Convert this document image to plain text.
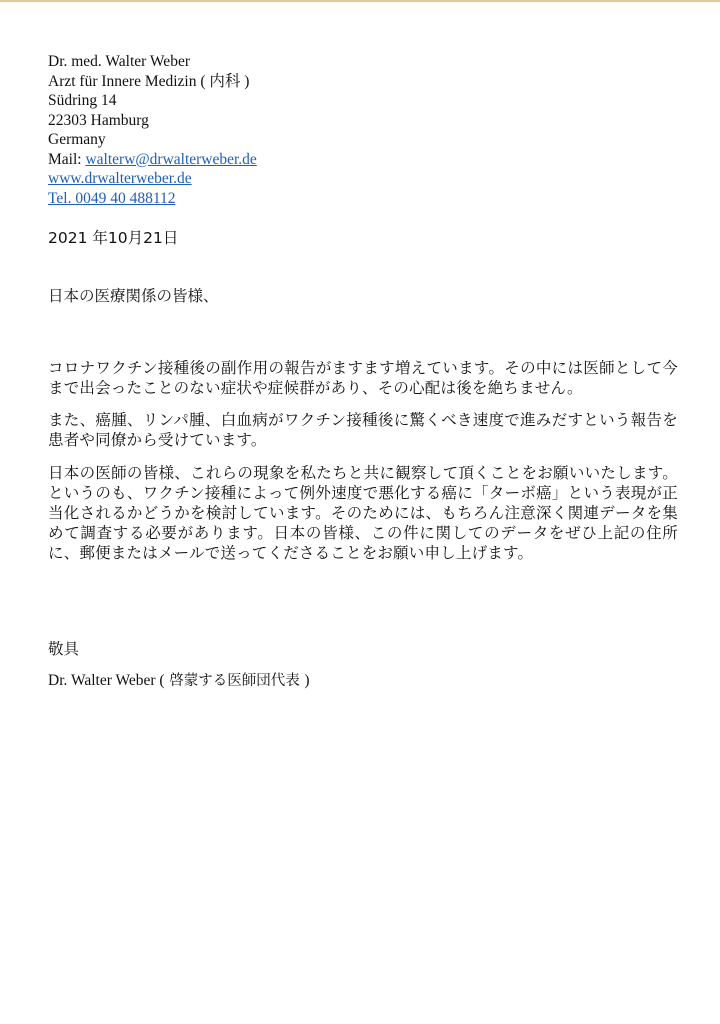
Dr. med. Walter Weber
Arzt für Innere Medizin ( 内科 )
Südring 14
22303 Hamburg
Germany
Mail: walterw@drwalterweber.de
www.drwalterweber.de
Tel. 0049 40 488112
2021 年10月21日
日本の医療関係の皆様、
コロナワクチン接種後の副作用の報告がますます増えています。その中には医師として今まで出会ったことのない症状や症候群があり、その心配は後を絶ちません。
また、癌腫、リンパ腫、白血病がワクチン接種後に驚くべき速度で進みだすという報告を患者や同僚から受けています。
日本の医師の皆様、これらの現象を私たちと共に観察して頂くことをお願いいたします。というのも、ワクチン接種によって例外速度で悪化する癌に「ターボ癌」という表現が正当化されるかどうかを検討しています。そのためには、もちろん注意深く関連データを集めて調査する必要があります。日本の皆様、この件に関してのデータをぜひ上記の住所に、郵便またはメールで送ってくださることをお願い申し上げます。
敬具
Dr. Walter Weber ( 啓蒙する医師団代表 )
